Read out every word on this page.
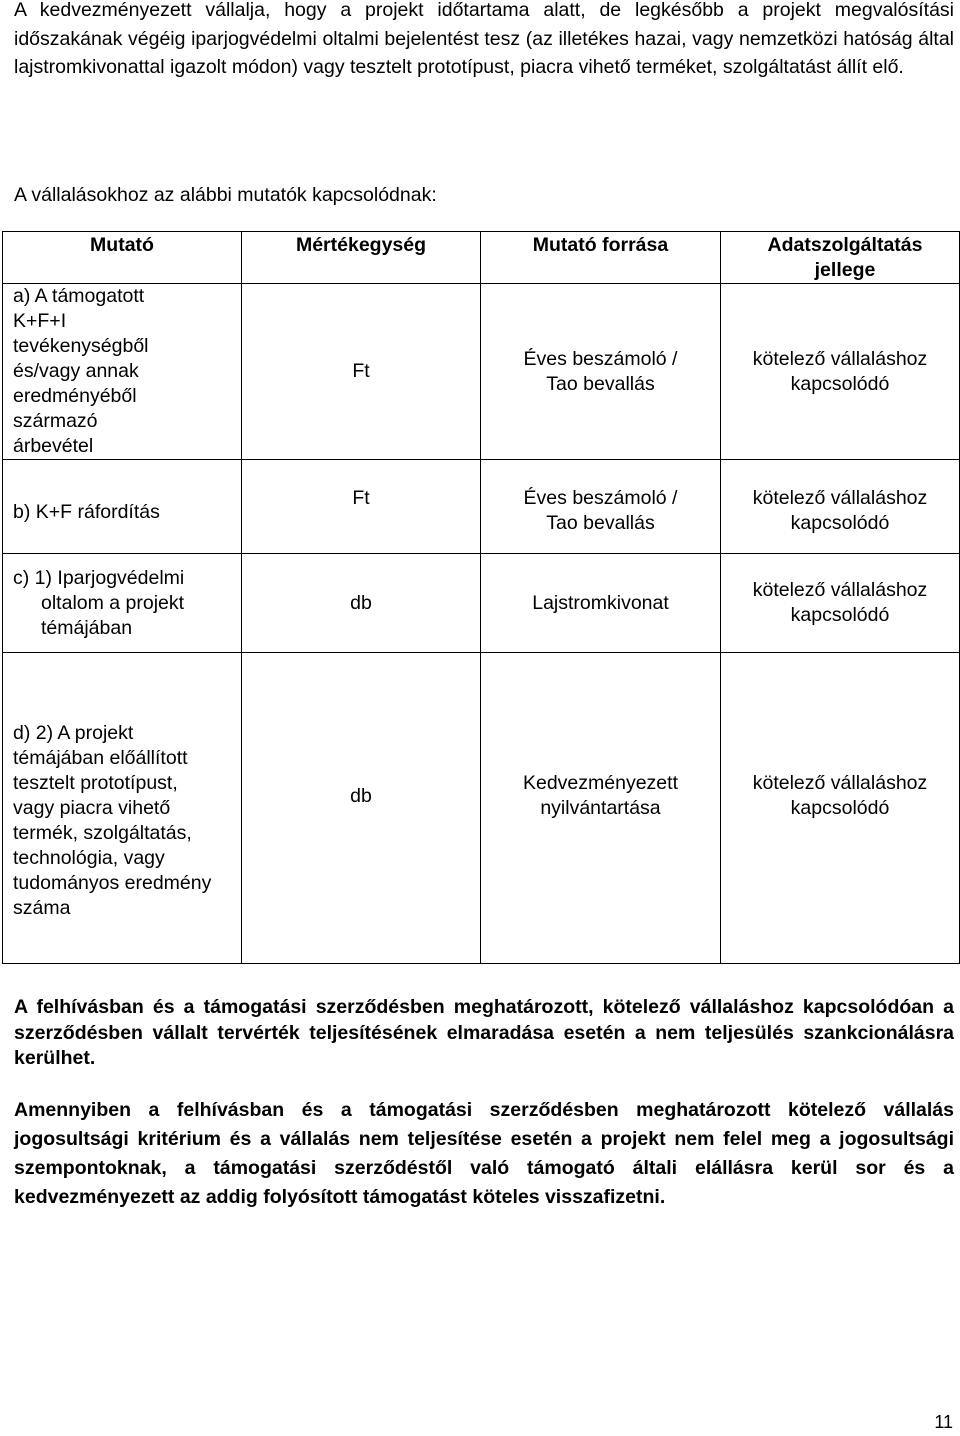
A kedvezményezett vállalja, hogy a projekt időtartama alatt, de legkésőbb a projekt megvalósítási időszakának végéig iparjogvédelmi oltalmi bejelentést tesz (az illetékes hazai, vagy nemzetközi hatóság által lajstromkivonattal igazolt módon) vagy tesztelt prototípust, piacra vihető terméket, szolgáltatást állít elő.

A vállalásokhoz az alábbi mutatók kapcsolódnak:

Mutató	Mértékegység	Mutató forrása	Adatszolgáltatás jellege

a) A támogatott K+F+I tevékenységből és/vagy annak eredményéből származó árbevétel	Ft	Éves beszámoló / Tao bevallás	kötelező vállaláshoz kapcsolódó
b) K+F ráfordítás	Ft	Éves beszámoló / Tao bevallás	kötelező vállaláshoz kapcsolódó
c) 1) Iparjogvédelmi
oltalom a projekt témájában	db	Lajstromkivonat	kötelező vállaláshoz kapcsolódó

d) 2) A projekt témájában előállított tesztelt prototípust, vagy piacra vihető termék, szolgáltatás, technológia, vagy tudományos eredmény száma	db	Kedvezményezett nyilvántartása	kötelező vállaláshoz kapcsolódó

A felhívásban és a támogatási szerződésben meghatározott, kötelező vállaláshoz kapcsolódóan a szerződésben vállalt tervérték teljesítésének elmaradása esetén a nem teljesülés szankcionálásra kerülhet.

Amennyiben a felhívásban és a támogatási szerződésben meghatározott kötelező vállalás jogosultsági kritérium és a vállalás nem teljesítése esetén a projekt nem felel meg a jogosultsági szempontoknak, a támogatási szerződéstől való támogató általi elállásra kerül sor és a kedvezményezett az addig folyósított támogatást köteles visszafizetni.

11
